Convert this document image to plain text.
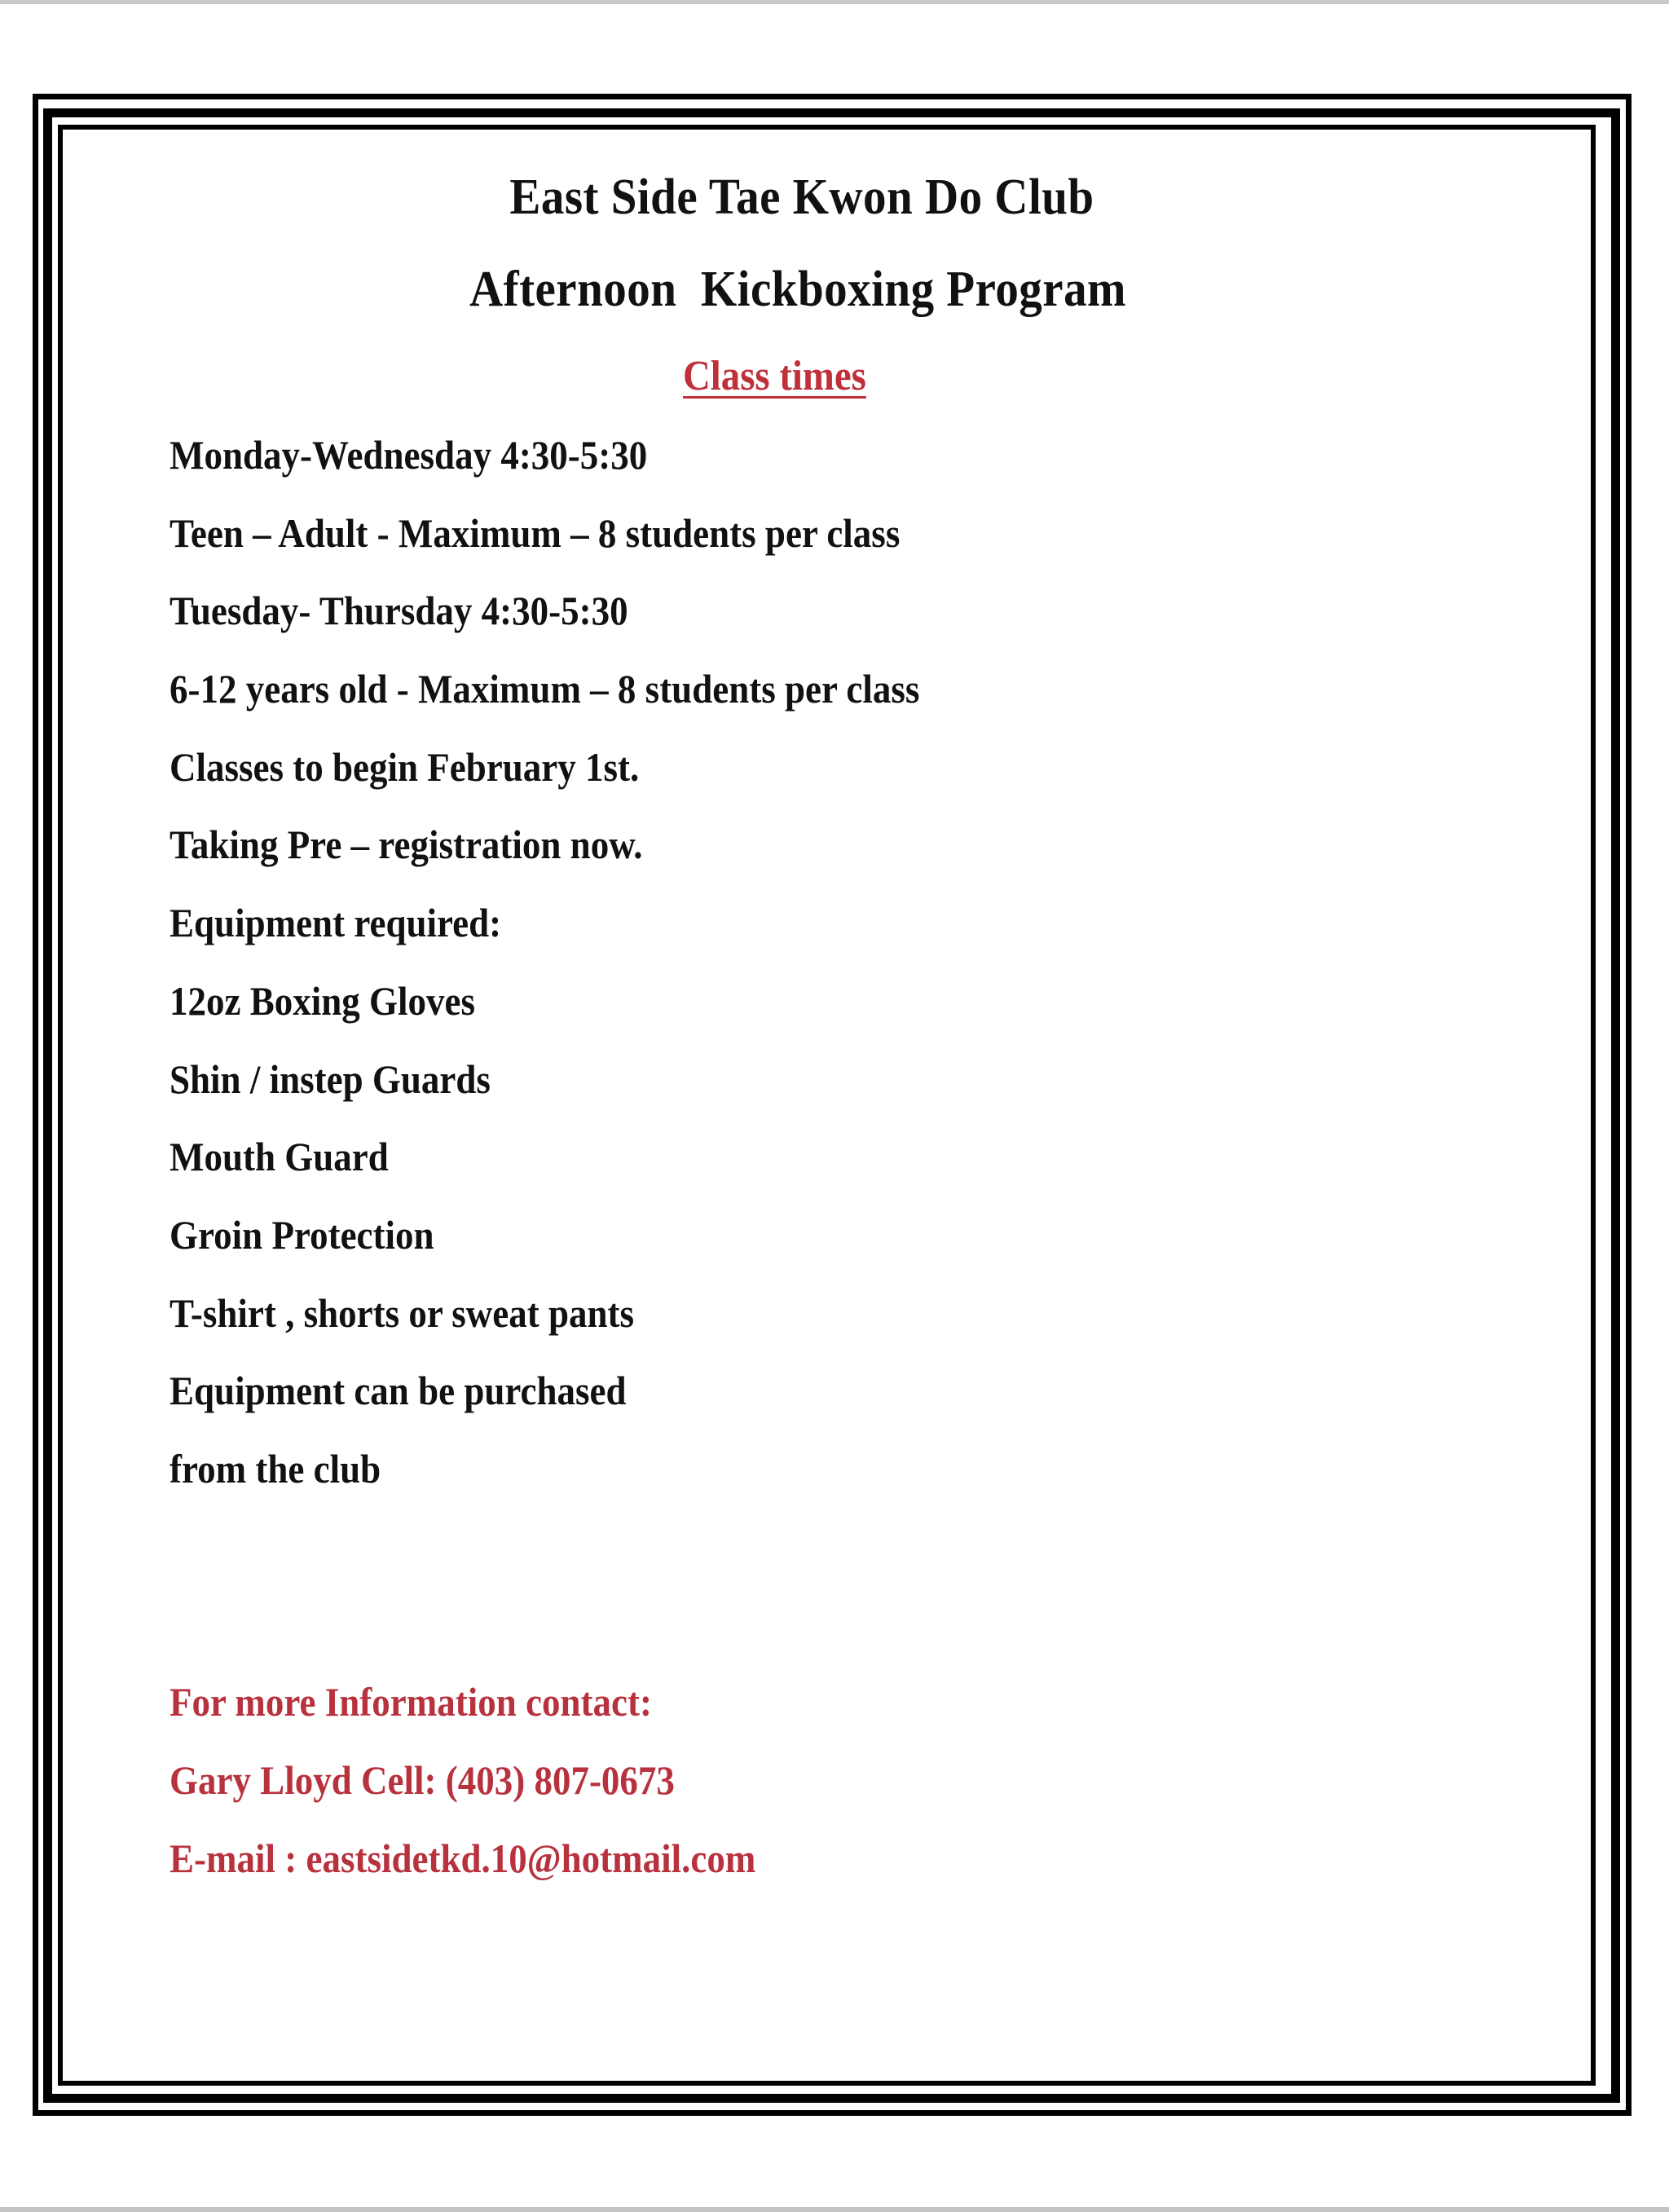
East Side Tae Kwon Do Club
Afternoon  Kickboxing Program
Class times
Monday-Wednesday 4:30-5:30
Teen – Adult - Maximum – 8 students per class
Tuesday- Thursday 4:30-5:30
6-12 years old - Maximum – 8 students per class
Classes to begin February 1st.
Taking Pre – registration now.
Equipment required:
12oz Boxing Gloves
Shin / instep Guards
Mouth Guard
Groin Protection
T-shirt , shorts or sweat pants
Equipment can be purchased
from the club
For more Information contact:
Gary Lloyd Cell: (403) 807-0673
E-mail : eastsidetkd.10@hotmail.com
